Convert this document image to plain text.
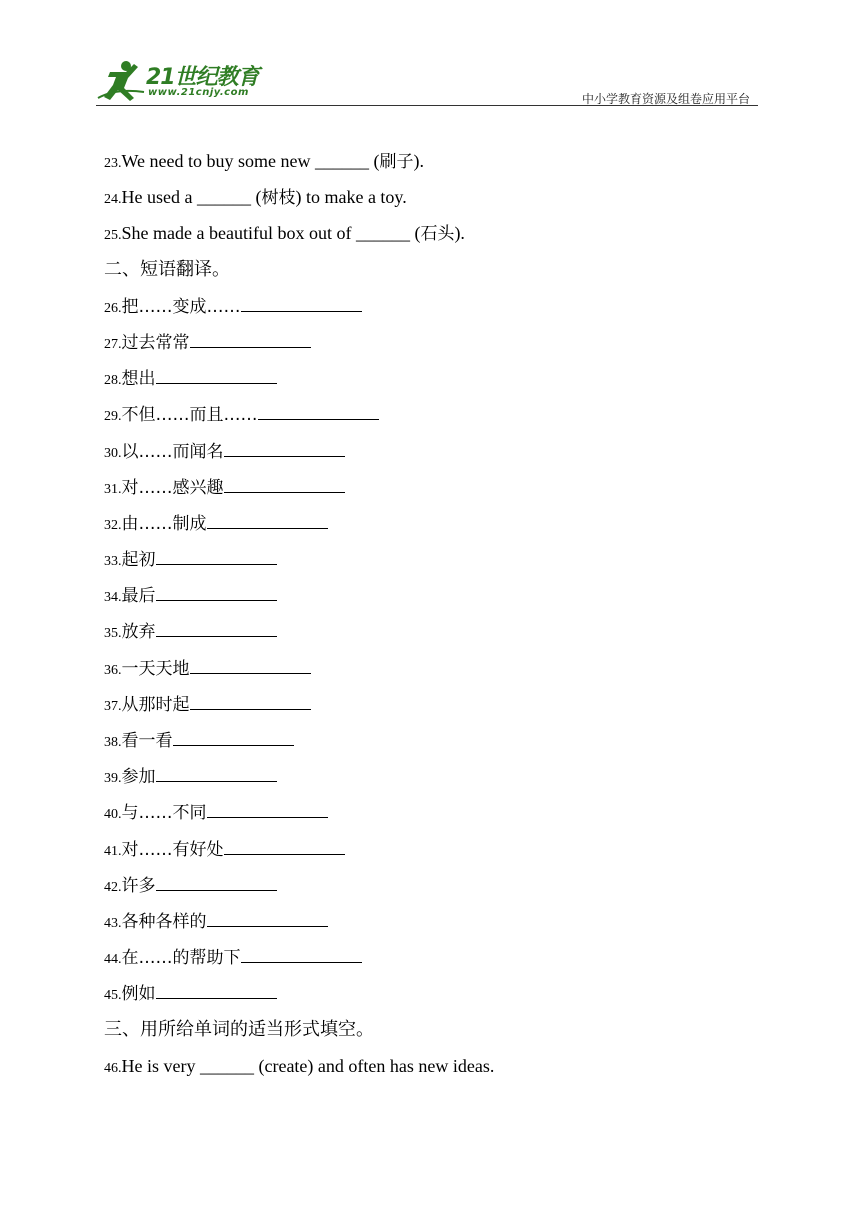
21世纪教育
www.21cnjy.com	中小学教育资源及组卷应用平台
23.We need to buy some new ______ (刷子).
24.He used a ______ (树枝) to make a toy.
25.She made a beautiful box out of ______ (石头).
二、短语翻译。
26.把……变成……
27.过去常常
28.想出
29.不但……而且……
30.以……而闻名
31.对……感兴趣
32.由……制成
33.起初
34.最后
35.放弃
36.一天天地
37.从那时起
38.看一看
39.参加
40.与……不同
41.对……有好处
42.许多
43.各种各样的
44.在……的帮助下
45.例如
三、用所给单词的适当形式填空。
46.He is very ______ (create) and often has new ideas.
